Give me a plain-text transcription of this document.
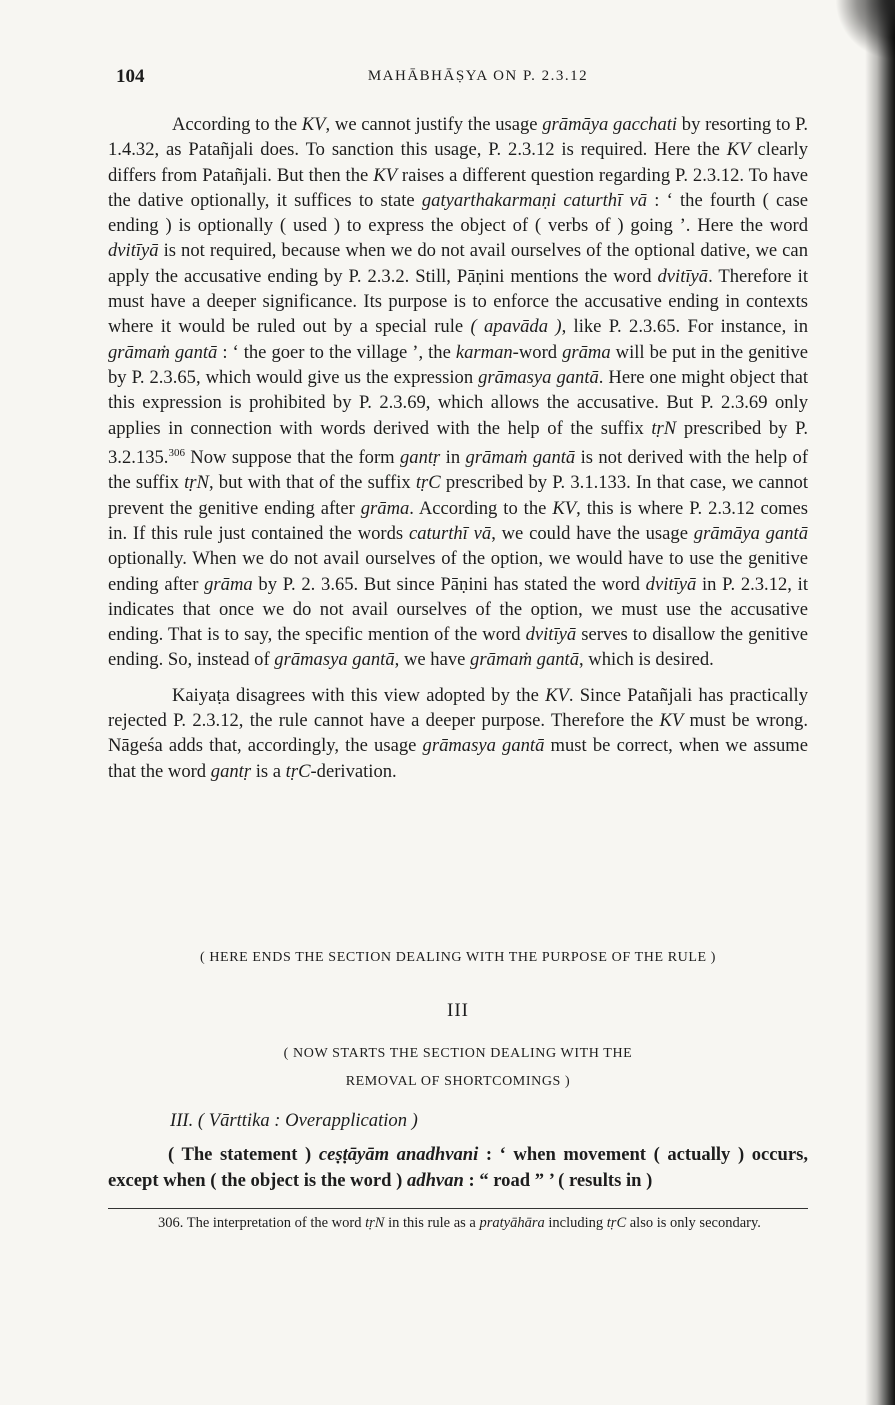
104	MAHĀBHĀṢYA ON P. 2.3.12

According to the KV, we cannot justify the usage grāmāya gacchati by resorting to P. 1.4.32, as Patañjali does. To sanction this usage, P. 2.3.12 is required. Here the KV clearly differs from Patañjali. But then the KV raises a different question regarding P. 2.3.12. To have the dative optionally, it suffices to state gatyarthakarmaṇi caturthī vā : ‘ the fourth ( case ending ) is optionally ( used ) to express the object of ( verbs of ) going ’. Here the word dvitīyā is not required, because when we do not avail ourselves of the optional dative, we can apply the accusative ending by P. 2.3.2. Still, Pāṇini mentions the word dvitīyā. Therefore it must have a deeper significance. Its purpose is to enforce the accusative ending in contexts where it would be ruled out by a special rule ( apavāda ), like P. 2.3.65. For instance, in grāmaṁ gantā : ‘ the goer to the village ’, the karman-word grāma will be put in the genitive by P. 2.3.65, which would give us the expression grāmasya gantā. Here one might object that this expression is prohibited by P. 2.3.69, which allows the accusative. But P. 2.3.69 only applies in connection with words derived with the help of the suffix tṛN prescribed by P. 3.2.135.$^{306}$ Now suppose that the form gantṛ in grāmaṁ gantā is not derived with the help of the suffix tṛN, but with that of the suffix tṛC prescribed by P. 3.1.133. In that case, we cannot prevent the genitive ending after grāma. According to the KV, this is where P. 2.3.12 comes in. If this rule just contained the words caturthī vā, we could have the usage grāmāya gantā optionally. When we do not avail ourselves of the option, we would have to use the genitive ending after grāma by P. 2. 3.65. But since Pāṇini has stated the word dvitīyā in P. 2.3.12, it indicates that once we do not avail ourselves of the option, we must use the accusative ending. That is to say, the specific mention of the word dvitīyā serves to disallow the genitive ending. So, instead of grāmasya gantā, we have grāmaṁ gantā, which is desired.

Kaiyaṭa disagrees with this view adopted by the KV. Since Patañjali has practically rejected P. 2.3.12, the rule cannot have a deeper purpose. Therefore the KV must be wrong. Nāgeśa adds that, accordingly, the usage grāmasya gantā must be correct, when we assume that the word gantṛ is a tṛC-derivation.

( HERE ENDS THE SECTION DEALING WITH THE PURPOSE OF THE RULE )
III
( NOW STARTS THE SECTION DEALING WITH THE
REMOVAL OF SHORTCOMINGS )
III. ( Vārttika : Overapplication )
( The statement ) ceṣṭāyām anadhvani : ‘ when movement ( actually ) occurs, except when ( the object is the word ) adhvan : “ road ” ’ ( results in )
306. The interpretation of the word tṛN in this rule as a pratyāhāra including tṛC also is only secondary.
